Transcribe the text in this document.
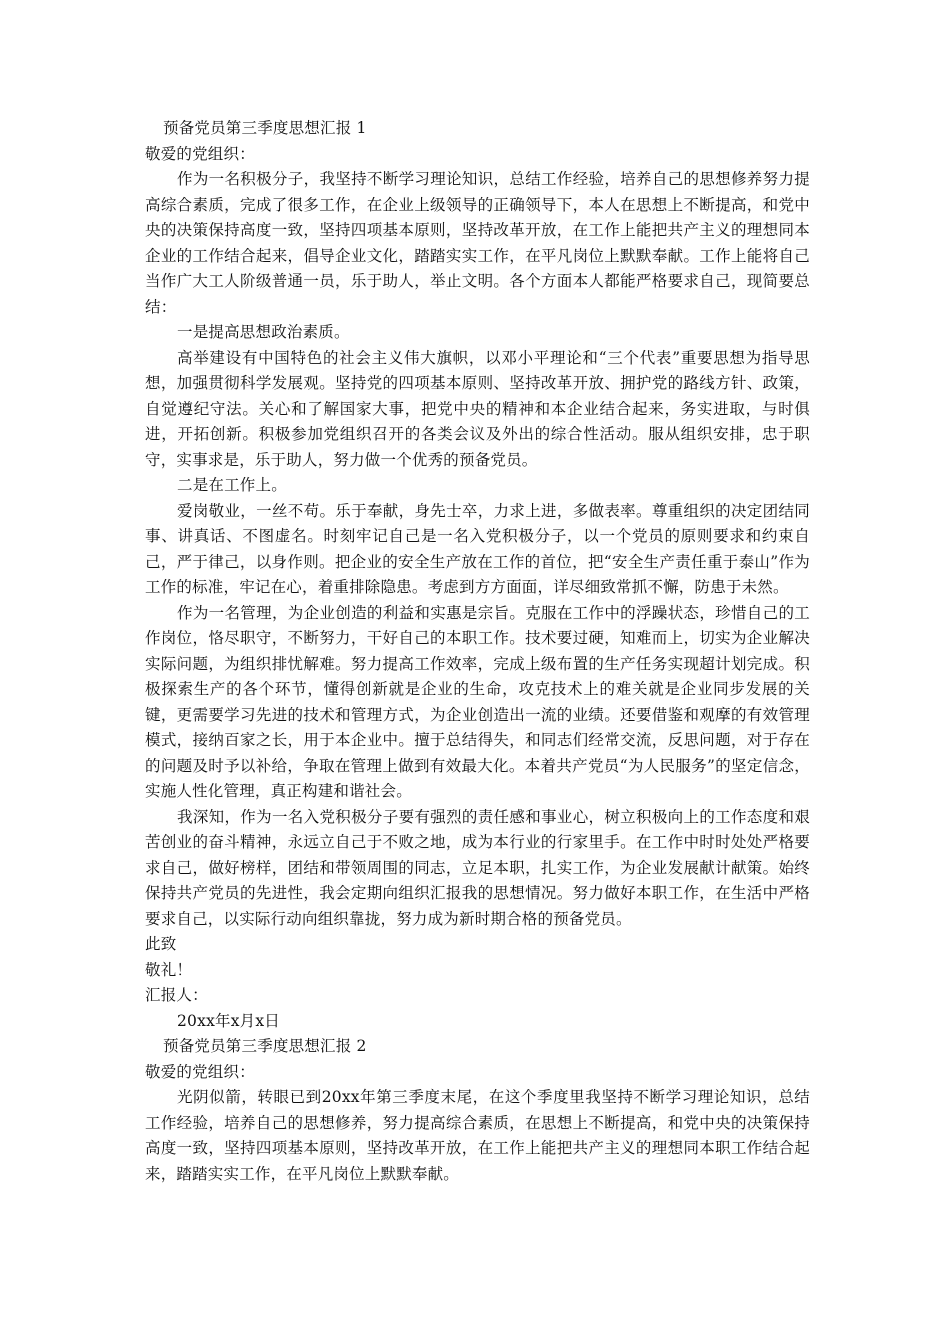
预备党员第三季度思想汇报 1

敬爱的党组织：

作为一名积极分子，我坚持不断学习理论知识，总结工作经验，培养自己的思想修养努力提高综合素质，完成了很多工作，在企业上级领导的正确领导下，本人在思想上不断提高，和党中央的决策保持高度一致，坚持四项基本原则，坚持改革开放，在工作上能把共产主义的理想同本企业的工作结合起来，倡导企业文化，踏踏实实工作，在平凡岗位上默默奉献。工作上能将自己当作广大工人阶级普通一员，乐于助人，举止文明。各个方面本人都能严格要求自己，现简要总结：

一是提高思想政治素质。

高举建设有中国特色的社会主义伟大旗帜，以邓小平理论和“三个代表”重要思想为指导思想，加强贯彻科学发展观。坚持党的四项基本原则、坚持改革开放、拥护党的路线方针、政策，自觉遵纪守法。关心和了解国家大事，把党中央的精神和本企业结合起来，务实进取，与时俱进，开拓创新。积极参加党组织召开的各类会议及外出的综合性活动。服从组织安排，忠于职守，实事求是，乐于助人，努力做一个优秀的预备党员。

二是在工作上。

爱岗敬业，一丝不苟。乐于奉献，身先士卒，力求上进，多做表率。尊重组织的决定团结同事、讲真话、不图虚名。时刻牢记自己是一名入党积极分子，以一个党员的原则要求和约束自己，严于律己，以身作则。把企业的安全生产放在工作的首位，把“安全生产责任重于泰山”作为工作的标准，牢记在心，着重排除隐患。考虑到方方面面，详尽细致常抓不懈，防患于未然。

作为一名管理，为企业创造的利益和实惠是宗旨。克服在工作中的浮躁状态，珍惜自己的工作岗位，恪尽职守，不断努力，干好自己的本职工作。技术要过硬，知难而上，切实为企业解决实际问题，为组织排忧解难。努力提高工作效率，完成上级布置的生产任务实现超计划完成。积极探索生产的各个环节，懂得创新就是企业的生命，攻克技术上的难关就是企业同步发展的关键，更需要学习先进的技术和管理方式，为企业创造出一流的业绩。还要借鉴和观摩的有效管理模式，接纳百家之长，用于本企业中。擅于总结得失，和同志们经常交流，反思问题，对于存在的问题及时予以补给，争取在管理上做到有效最大化。本着共产党员“为人民服务”的坚定信念，实施人性化管理，真正构建和谐社会。

我深知，作为一名入党积极分子要有强烈的责任感和事业心，树立积极向上的工作态度和艰苦创业的奋斗精神，永远立自己于不败之地，成为本行业的行家里手。在工作中时时处处严格要求自己，做好榜样，团结和带领周围的同志，立足本职，扎实工作，为企业发展献计献策。始终保持共产党员的先进性，我会定期向组织汇报我的思想情况。努力做好本职工作，在生活中严格要求自己，以实际行动向组织靠拢，努力成为新时期合格的预备党员。

此致

敬礼！

汇报人：

20xx年x月x日

预备党员第三季度思想汇报 2

敬爱的党组织：

光阴似箭，转眼已到20xx年第三季度末尾，在这个季度里我坚持不断学习理论知识，总结工作经验，培养自己的思想修养，努力提高综合素质，在思想上不断提高，和党中央的决策保持高度一致，坚持四项基本原则，坚持改革开放，在工作上能把共产主义的理想同本职工作结合起来，踏踏实实工作，在平凡岗位上默默奉献。
